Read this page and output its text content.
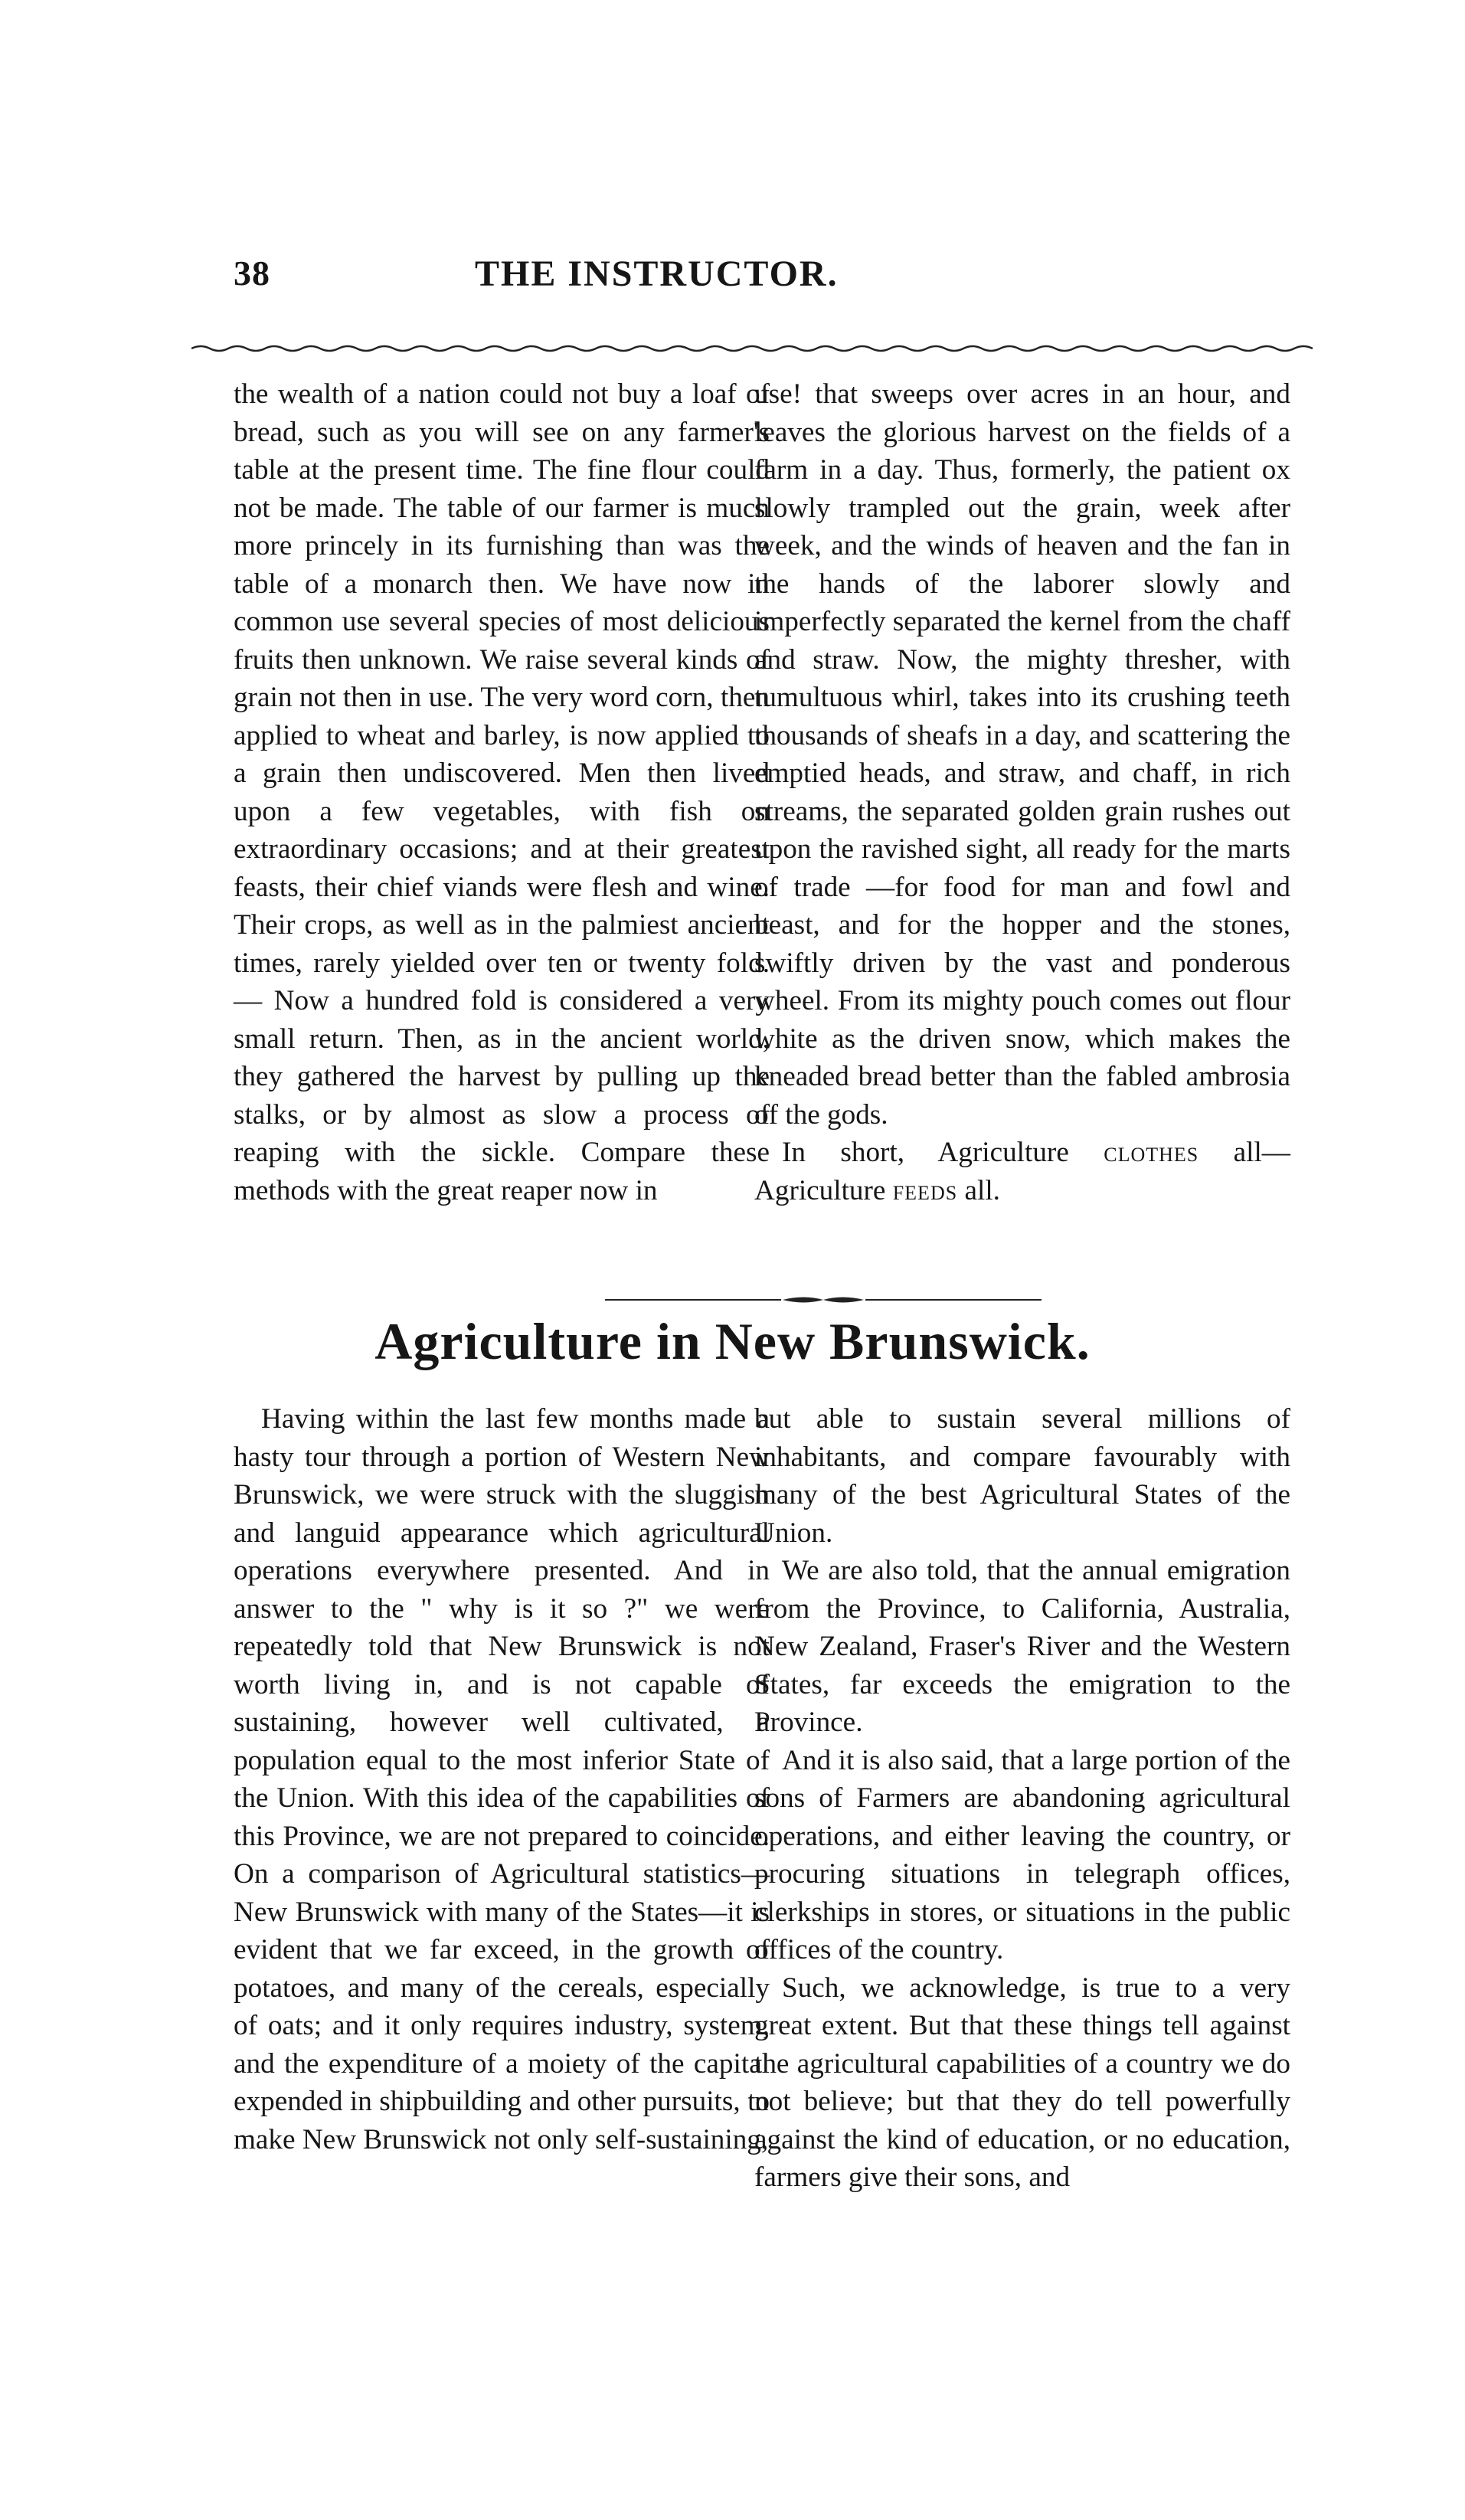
38	THE INSTRUCTOR.

the wealth of a nation could not buy a loaf of bread, such as you will see on any farmer's table at the present time. The fine flour could not be made. The table of our farmer is much more princely in its furnishing than was the table of a monarch then. We have now in common use several species of most delicious fruits then unknown. We raise several kinds of grain not then in use. The very word corn, then applied to wheat and barley, is now applied to a grain then undiscovered. Men then lived upon a few vegetables, with fish on extraordinary occasions; and at their greatest feasts, their chief viands were flesh and wine. Their crops, as well as in the palmiest ancient times, rarely yielded over ten or twenty fold.— Now a hundred fold is considered a very small return. Then, as in the ancient world, they gathered the harvest by pulling up the stalks, or by almost as slow a process of reaping with the sickle. Compare these methods with the great reaper now in

use! that sweeps over acres in an hour, and leaves the glorious harvest on the fields of a farm in a day. Thus, formerly, the patient ox slowly trampled out the grain, week after week, and the winds of heaven and the fan in the hands of the laborer slowly and imperfectly separated the kernel from the chaff and straw. Now, the mighty thresher, with tumultuous whirl, takes into its crushing teeth thousands of sheafs in a day, and scattering the emptied heads, and straw, and chaff, in rich streams, the separated golden grain rushes out upon the ravished sight, all ready for the marts of trade —for food for man and fowl and beast, and for the hopper and the stones, swiftly driven by the vast and ponderous wheel. From its mighty pouch comes out flour white as the driven snow, which makes the kneaded bread better than the fabled ambrosia of the gods.

In short, Agriculture clothes all— Agriculture feeds all.

Agriculture in New Brunswick.

Having within the last few months made a hasty tour through a portion of Western New Brunswick, we were struck with the sluggish and languid appearance which agricultural operations everywhere presented. And in answer to the " why is it so ?" we were repeatedly told that New Brunswick is not worth living in, and is not capable of sustaining, however well cultivated, a population equal to the most inferior State of the Union. With this idea of the capabilities of this Province, we are not prepared to coincide. On a comparison of Agricultural statistics—New Brunswick with many of the States—it is evident that we far exceed, in the growth of potatoes, and many of the cereals, especially of oats; and it only requires industry, system, and the expenditure of a moiety of the capital expended in shipbuilding and other pursuits, to make New Brunswick not only self-sustaining,

but able to sustain several millions of inhabitants, and compare favourably with many of the best Agricultural States of the Union.

We are also told, that the annual emigration from the Province, to California, Australia, New Zealand, Fraser's River and the Western States, far exceeds the emigration to the Province.

And it is also said, that a large portion of the sons of Farmers are abandoning agricultural operations, and either leaving the country, or procuring situations in telegraph offices, clerkships in stores, or situations in the public offices of the country.

Such, we acknowledge, is true to a very great extent. But that these things tell against the agricultural capabilities of a country we do not believe; but that they do tell powerfully against the kind of education, or no education, farmers give their sons, and
